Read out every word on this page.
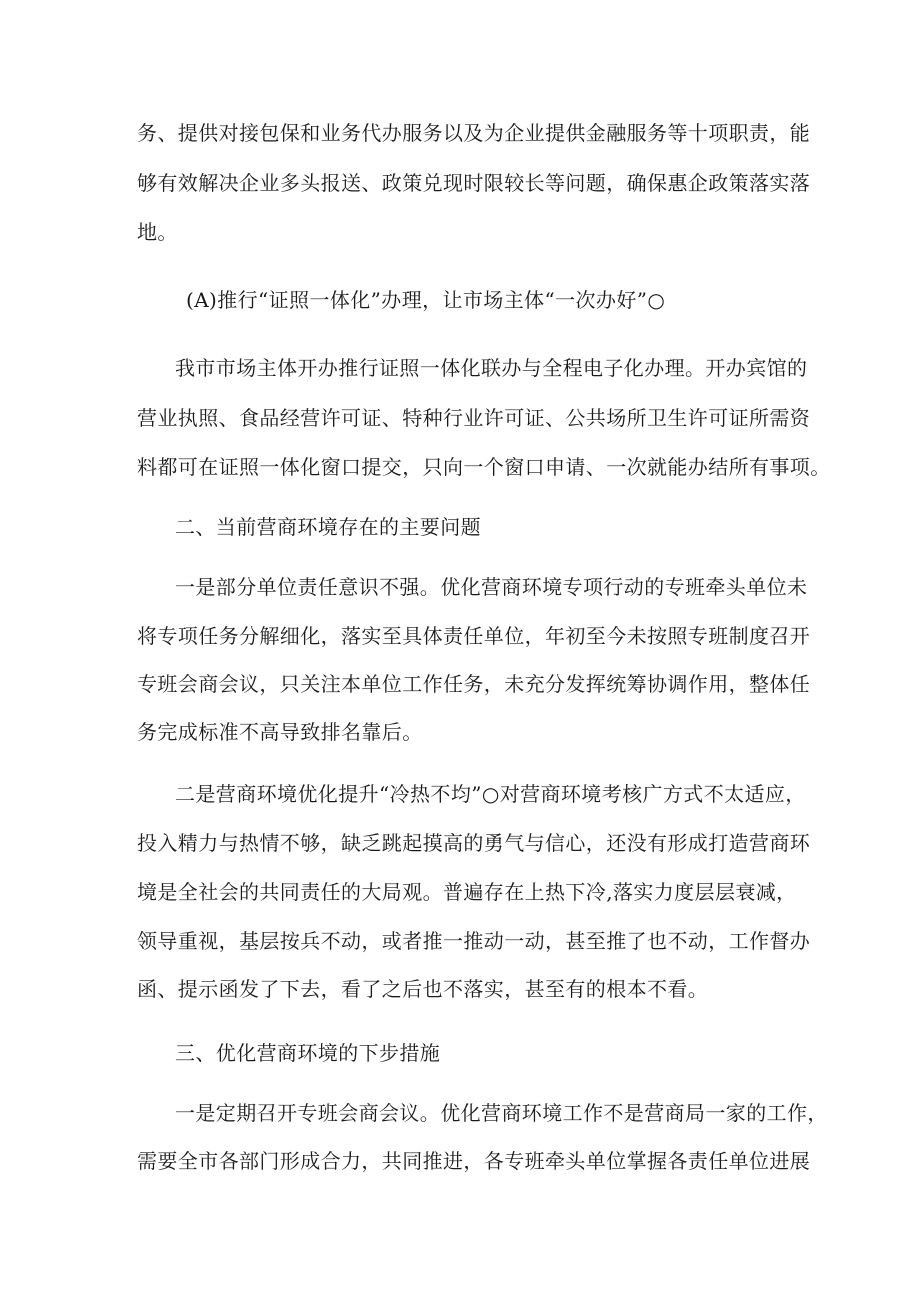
务、提供对接包保和业务代办服务以及为企业提供金融服务等十项职责，能
够有效解决企业多头报送、政策兑现时限较长等问题，确保惠企政策落实落
地。
(A)推行“证照一体化”办理，让市场主体“一次办好”○
我市市场主体开办推行证照一体化联办与全程电子化办理。开办宾馆的
营业执照、食品经营许可证、特种行业许可证、公共场所卫生许可证所需资
料都可在证照一体化窗口提交，只向一个窗口申请、一次就能办结所有事项。
二、当前营商环境存在的主要问题
一是部分单位责任意识不强。优化营商环境专项行动的专班牵头单位未
将专项任务分解细化，落实至具体责任单位，年初至今未按照专班制度召开
专班会商会议，只关注本单位工作任务，未充分发挥统筹协调作用，整体任
务完成标准不高导致排名靠后。
二是营商环境优化提升“冷热不均”○对营商环境考核广方式不太适应，
投入精力与热情不够，缺乏跳起摸高的勇气与信心，还没有形成打造营商环
境是全社会的共同责任的大局观。普遍存在上热下冷,落实力度层层衰减，
领导重视，基层按兵不动，或者推一推动一动，甚至推了也不动，工作督办
函、提示函发了下去，看了之后也不落实，甚至有的根本不看。
三、优化营商环境的下步措施
一是定期召开专班会商会议。优化营商环境工作不是营商局一家的工作，
需要全市各部门形成合力，共同推进，各专班牵头单位掌握各责任单位进展
